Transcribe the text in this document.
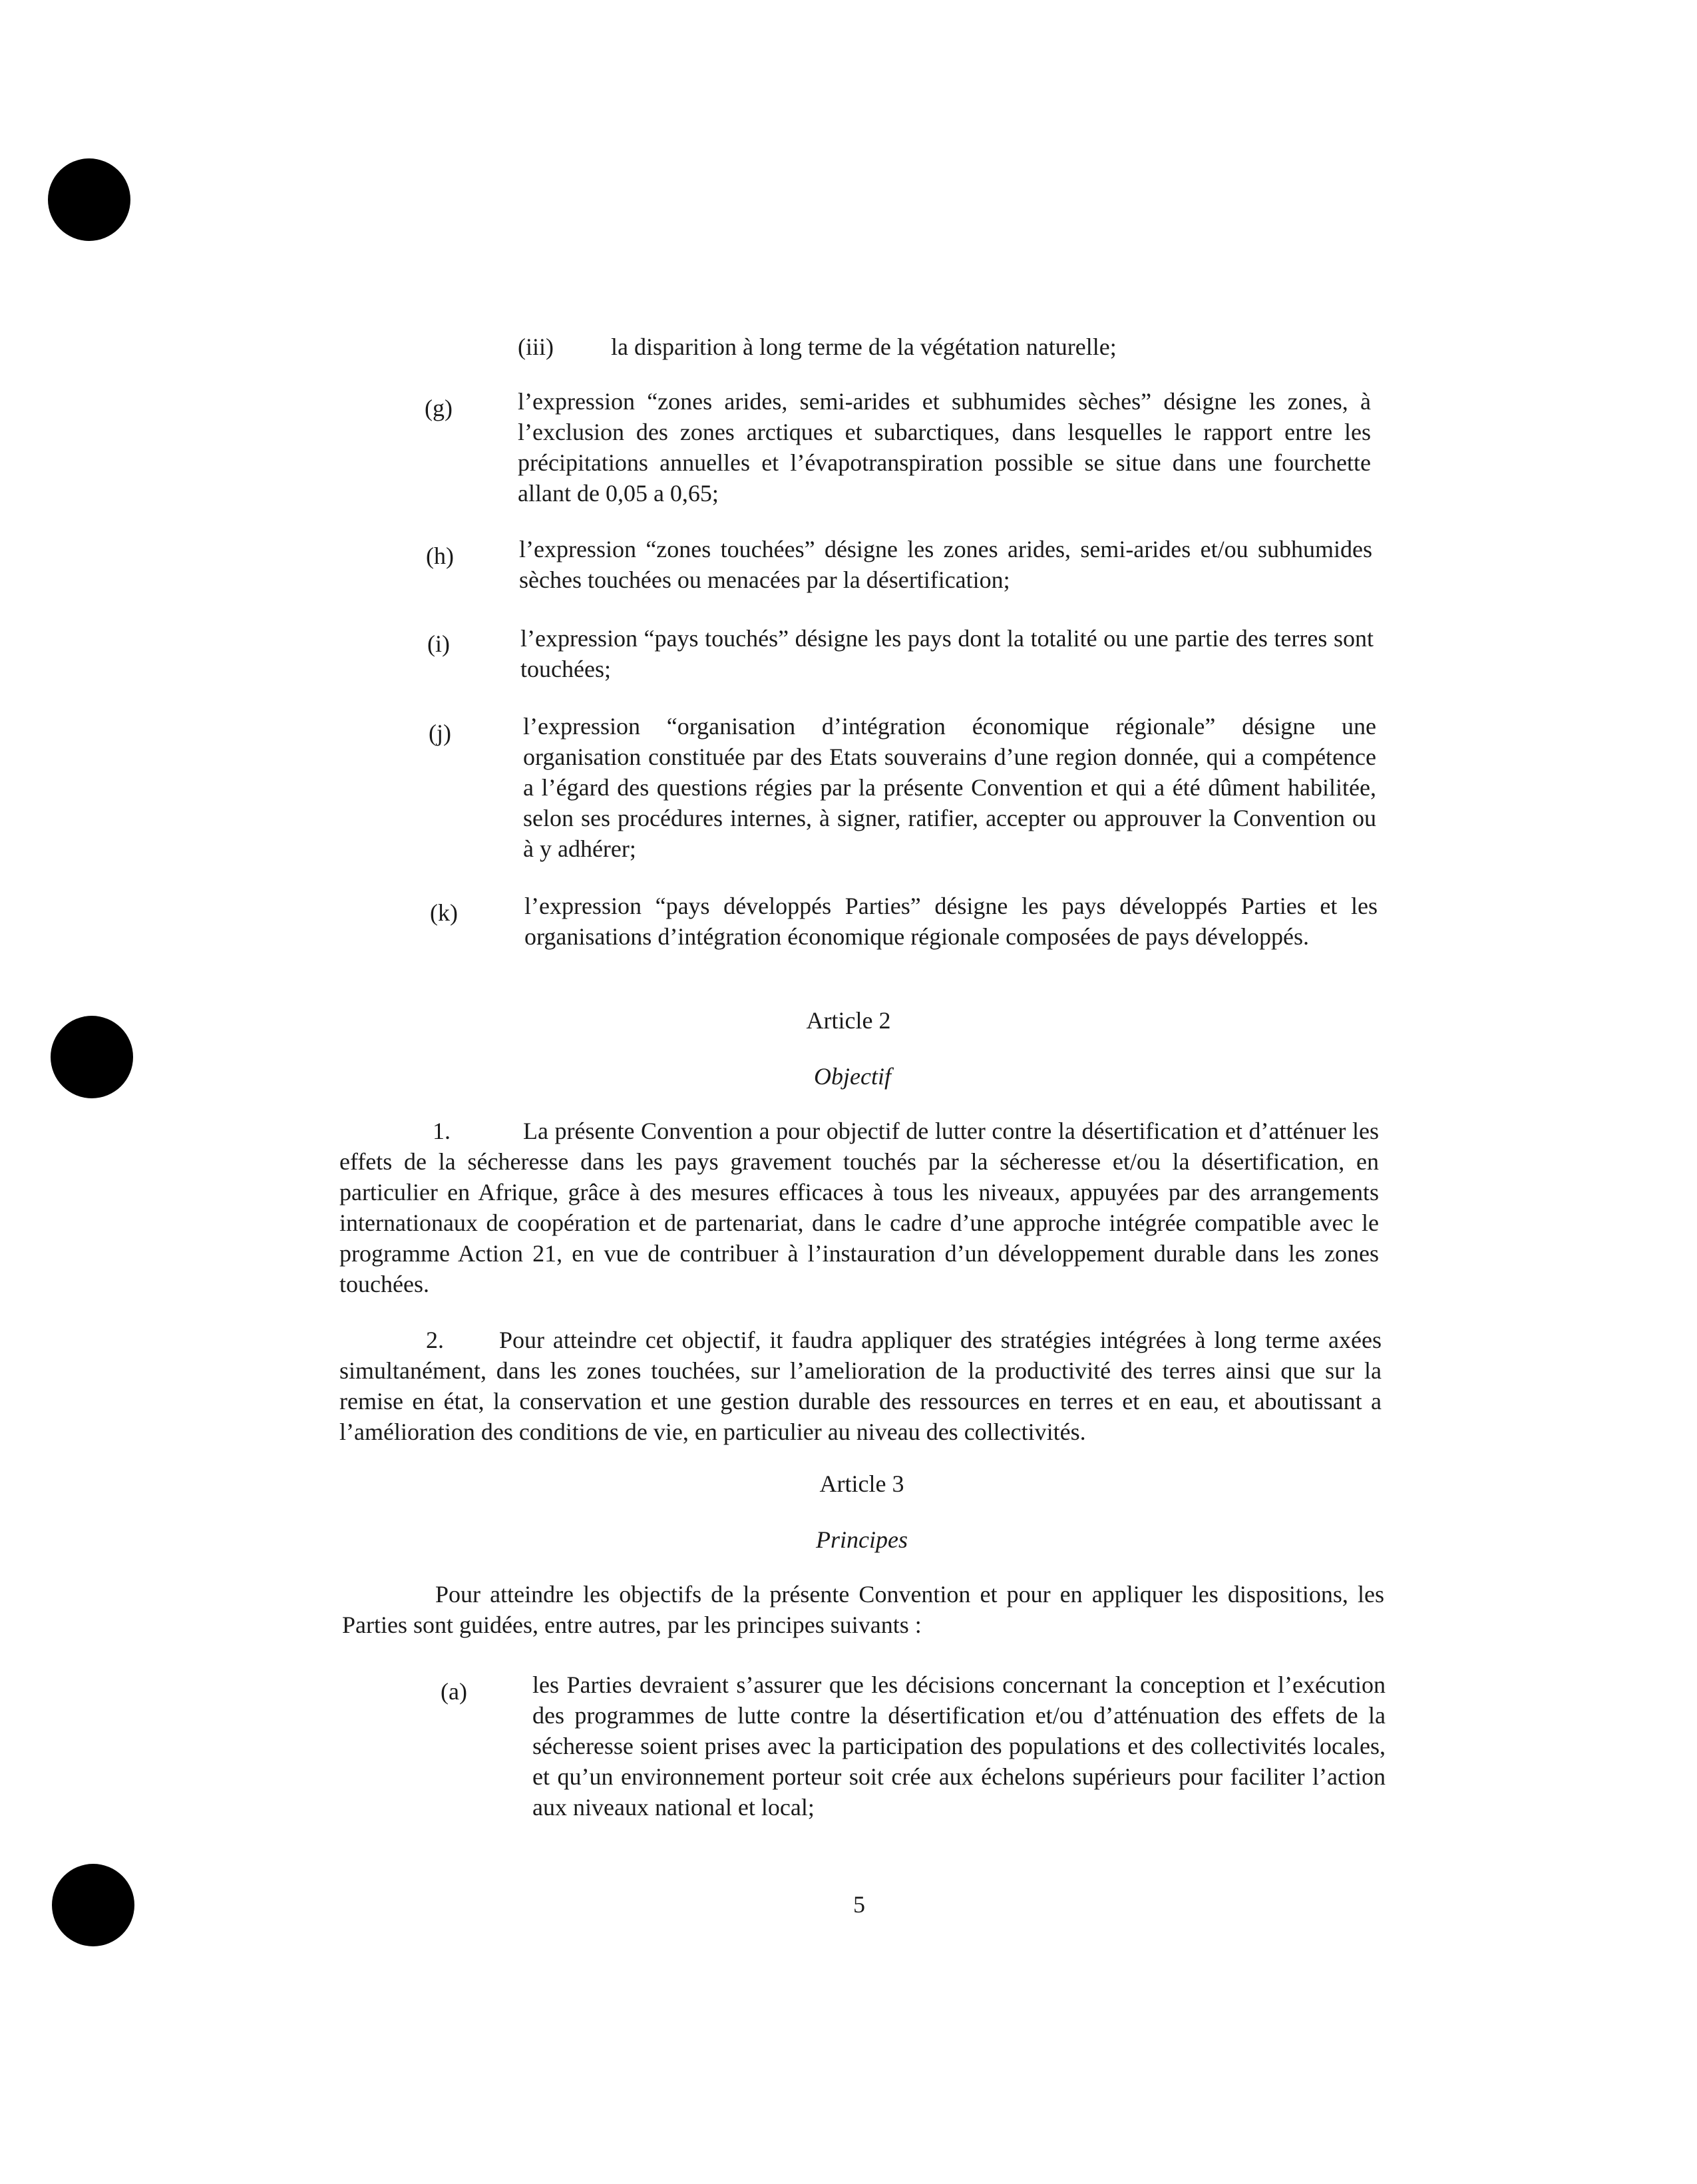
(iii) la disparition à long terme de la végétation naturelle;
(g)	l’expression “zones arides, semi-arides et subhumides sèches” désigne les zones, à l’exclusion des zones arctiques et subarctiques, dans lesquelles le rapport entre les précipitations annuelles et l’évapotranspiration possible se situe dans une fourchette allant de 0,05 a 0,65;
(h)	l’expression “zones touchées” désigne les zones arides, semi-arides et/ou subhumides sèches touchées ou menacées par la désertification;
(i)	l’expression “pays touchés” désigne les pays dont la totalité ou une partie des terres sont touchées;
(j)	l’expression “organisation d’intégration économique régionale” désigne une organisation constituée par des Etats souverains d’une region donnée, qui a compétence a l’égard des questions régies par la présente Convention et qui a été dûment habilitée, selon ses procédures internes, à signer, ratifier, accepter ou approuver la Convention ou à y adhérer;
(k)	l’expression “pays développés Parties” désigne les pays développés Parties et les organisations d’intégration économique régionale composées de pays développés.
Article 2
Objectif
1.	La présente Convention a pour objectif de lutter contre la désertification et d’atténuer les effets de la sécheresse dans les pays gravement touchés par la sécheresse et/ou la désertification, en particulier en Afrique, grâce à des mesures efficaces à tous les niveaux, appuyées par des arrangements internationaux de coopération et de partenariat, dans le cadre d’une approche intégrée compatible avec le programme Action 21, en vue de contribuer à l’instauration d’un développement durable dans les zones touchées.
2. Pour atteindre cet objectif, it faudra appliquer des stratégies intégrées à long terme axées simultanément, dans les zones touchées, sur l’amelioration de la productivité des terres ainsi que sur la remise en état, la conservation et une gestion durable des ressources en terres et en eau, et aboutissant a l’amélioration des conditions de vie, en particulier au niveau des collectivités.
Article 3
Principes
Pour atteindre les objectifs de la présente Convention et pour en appliquer les dispositions, les Parties sont guidées, entre autres, par les principes suivants :
(a)	les Parties devraient s’assurer que les décisions concernant la conception et l’exécution des programmes de lutte contre la désertification et/ou d’atténuation des effets de la sécheresse soient prises avec la participation des populations et des collectivités locales, et qu’un environnement porteur soit crée aux échelons supérieurs pour faciliter l’action aux niveaux national et local;
5
